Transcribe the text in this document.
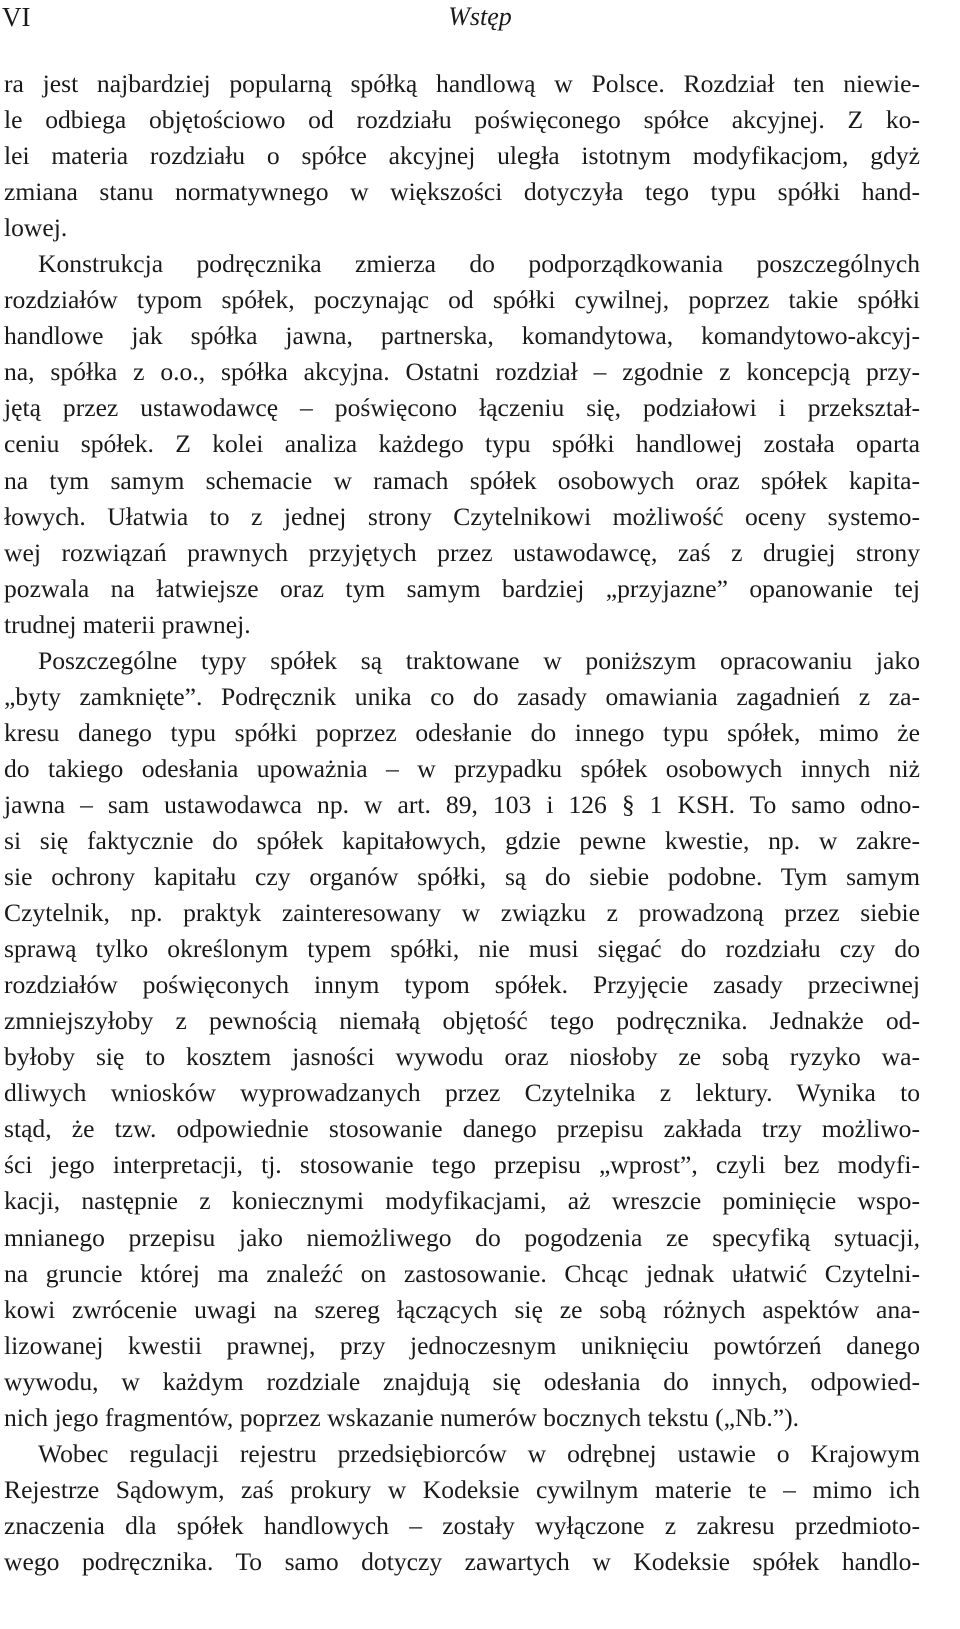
VI	Wstęp
ra jest najbardziej popularną spółką handlową w Polsce. Rozdział ten niewie-
le odbiega objętościowo od rozdziału poświęconego spółce akcyjnej. Z ko-
lei materia rozdziału o spółce akcyjnej uległa istotnym modyfikacjom, gdyż
zmiana stanu normatywnego w większości dotyczyła tego typu spółki hand-
lowej.
Konstrukcja podręcznika zmierza do podporządkowania poszczególnych
rozdziałów typom spółek, poczynając od spółki cywilnej, poprzez takie spółki
handlowe jak spółka jawna, partnerska, komandytowa, komandytowo-akcyj-
na, spółka z o.o., spółka akcyjna. Ostatni rozdział – zgodnie z koncepcją przy-
jętą przez ustawodawcę – poświęcono łączeniu się, podziałowi i przekształ-
ceniu spółek. Z kolei analiza każdego typu spółki handlowej została oparta
na tym samym schemacie w ramach spółek osobowych oraz spółek kapita-
łowych. Ułatwia to z jednej strony Czytelnikowi możliwość oceny systemo-
wej rozwiązań prawnych przyjętych przez ustawodawcę, zaś z drugiej strony
pozwala na łatwiejsze oraz tym samym bardziej „przyjazne” opanowanie tej
trudnej materii prawnej.
Poszczególne typy spółek są traktowane w poniższym opracowaniu jako
„byty zamknięte”. Podręcznik unika co do zasady omawiania zagadnień z za-
kresu danego typu spółki poprzez odesłanie do innego typu spółek, mimo że
do takiego odesłania upoważnia – w przypadku spółek osobowych innych niż
jawna – sam ustawodawca np. w art. 89, 103 i 126 § 1 KSH. To samo odno-
si się faktycznie do spółek kapitałowych, gdzie pewne kwestie, np. w zakre-
sie ochrony kapitału czy organów spółki, są do siebie podobne. Tym samym
Czytelnik, np. praktyk zainteresowany w związku z prowadzoną przez siebie
sprawą tylko określonym typem spółki, nie musi sięgać do rozdziału czy do
rozdziałów poświęconych innym typom spółek. Przyjęcie zasady przeciwnej
zmniejszyłoby z pewnością niemałą objętość tego podręcznika. Jednakże od-
byłoby się to kosztem jasności wywodu oraz niosłoby ze sobą ryzyko wa-
dliwych wniosków wyprowadzanych przez Czytelnika z lektury. Wynika to
stąd, że tzw. odpowiednie stosowanie danego przepisu zakłada trzy możliwo-
ści jego interpretacji, tj. stosowanie tego przepisu „wprost”, czyli bez modyfi-
kacji, następnie z koniecznymi modyfikacjami, aż wreszcie pominięcie wspo-
mnianego przepisu jako niemożliwego do pogodzenia ze specyfiką sytuacji,
na gruncie której ma znaleźć on zastosowanie. Chcąc jednak ułatwić Czytelni-
kowi zwrócenie uwagi na szereg łączących się ze sobą różnych aspektów ana-
lizowanej kwestii prawnej, przy jednoczesnym uniknięciu powtórzeń danego
wywodu, w każdym rozdziale znajdują się odesłania do innych, odpowied-
nich jego fragmentów, poprzez wskazanie numerów bocznych tekstu („Nb.”).
Wobec regulacji rejestru przedsiębiorców w odrębnej ustawie o Krajowym
Rejestrze Sądowym, zaś prokury w Kodeksie cywilnym materie te – mimo ich
znaczenia dla spółek handlowych – zostały wyłączone z zakresu przedmioto-
wego podręcznika. To samo dotyczy zawartych w Kodeksie spółek handlo-
